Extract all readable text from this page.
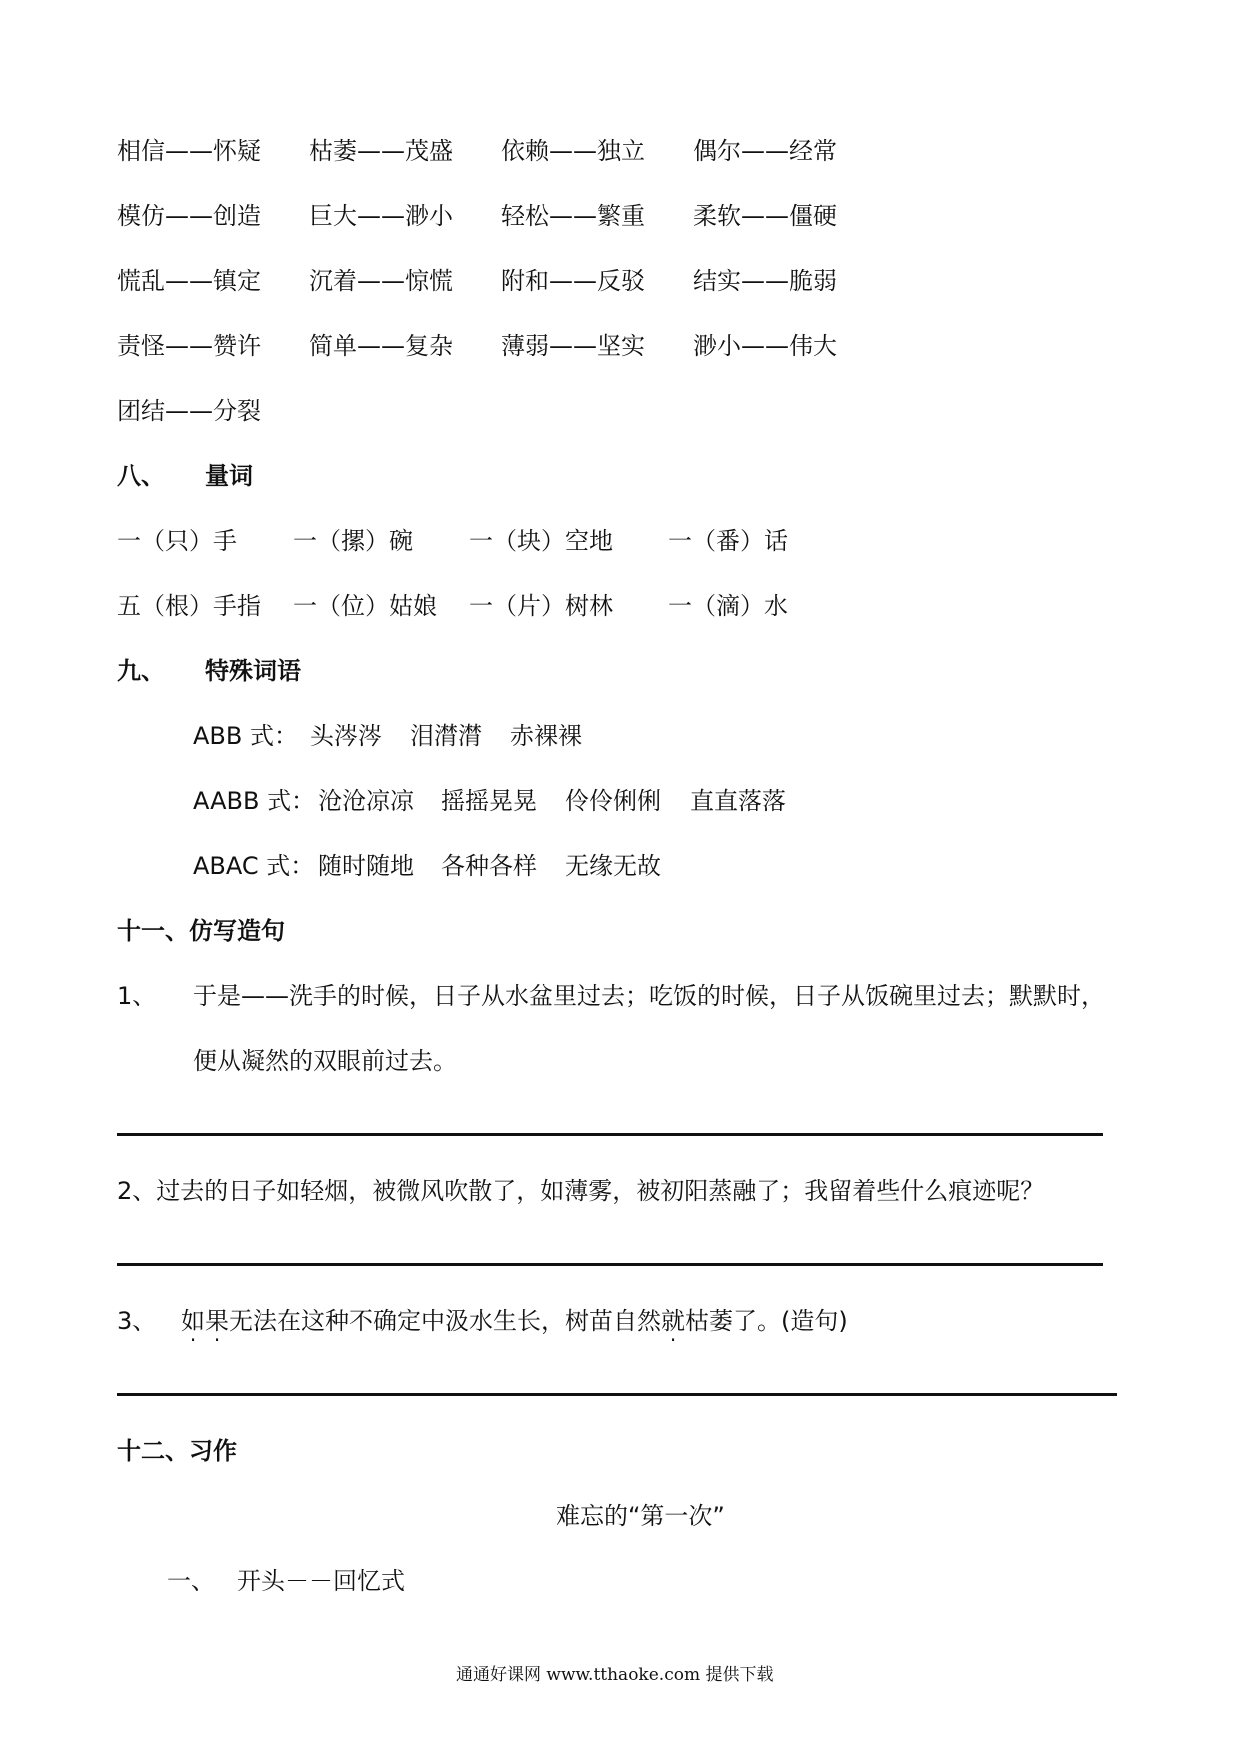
相信——怀疑 枯萎——茂盛 依赖——独立 偶尔——经常
模仿——创造 巨大——渺小 轻松——繁重 柔软——僵硬
慌乱——镇定 沉着——惊慌 附和——反驳 结实——脆弱
责怪——赞许 简单——复杂 薄弱——坚实 渺小——伟大
团结——分裂
八、 量词
一（只）手 一（摞）碗 一（块）空地 一（番）话
五（根）手指 一（位）姑娘 一（片）树林 一（滴）水
九、 特殊词语
ABB 式： 头涔涔 泪潸潸 赤裸裸
AABB 式： 沧沧凉凉 摇摇晃晃 伶伶俐俐 直直落落
ABAC 式： 随时随地 各种各样 无缘无故
十一、仿写造句
1、 于是——洗手的时候，日子从水盆里过去；吃饭的时候，日子从饭碗里过去；默默时，
便从凝然的双眼前过去。
2、过去的日子如轻烟，被微风吹散了，如薄雾，被初阳蒸融了；我留着些什么痕迹呢？
3、 如果无法在这种不确定中汲水生长，树苗自然就枯萎了。(造句)
十二、习作
难忘的“第一次”
一、 开头－－回忆式
通通好课网 www.tthaoke.com 提供下载
